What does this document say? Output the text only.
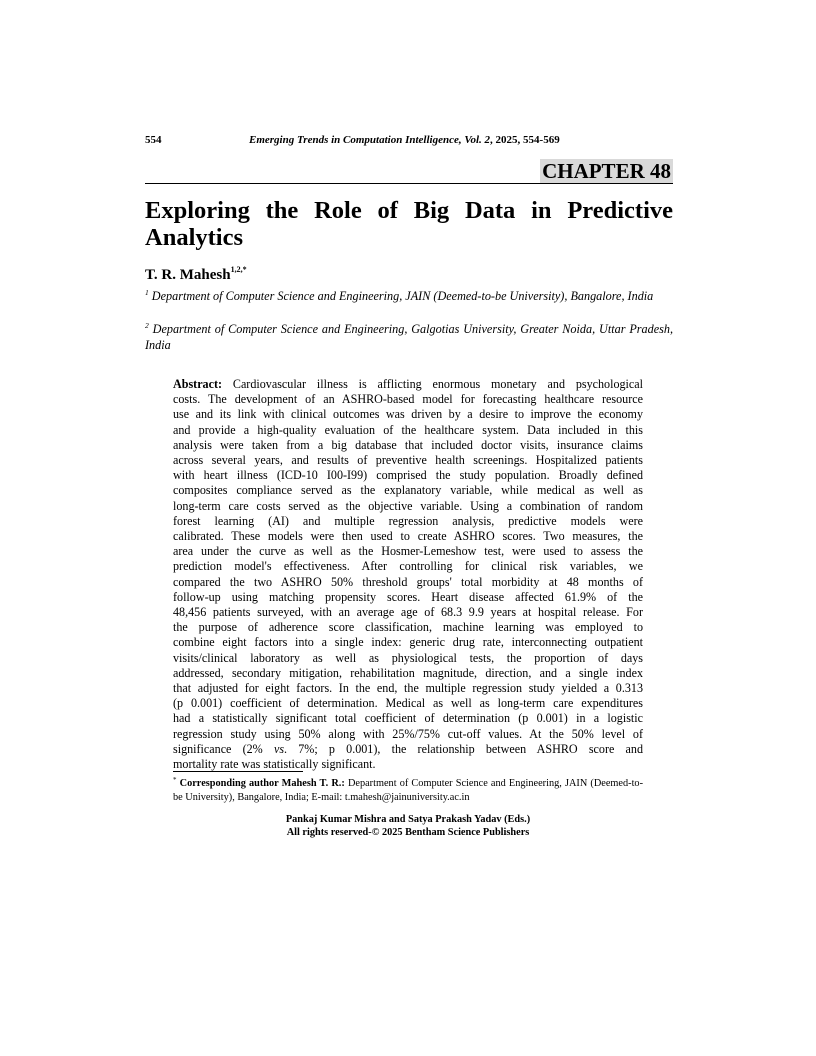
554	Emerging Trends in Computation Intelligence, Vol. 2, 2025, 554-569
CHAPTER 48
Exploring the Role of Big Data in Predictive Analytics
T. R. Mahesh$^{1,2,*}$
$^1$ Department of Computer Science and Engineering, JAIN (Deemed-to-be University), Bangalore, India
$^2$ Department of Computer Science and Engineering, Galgotias University, Greater Noida, Uttar Pradesh, India
Abstract: Cardiovascular illness is afflicting enormous monetary and psychological
costs. The development of an ASHRO-based model for forecasting healthcare resource
use and its link with clinical outcomes was driven by a desire to improve the economy
and provide a high-quality evaluation of the healthcare system. Data included in this
analysis were taken from a big database that included doctor visits, insurance claims
across several years, and results of preventive health screenings. Hospitalized patients
with heart illness (ICD-10 I00-I99) comprised the study population. Broadly defined
composites compliance served as the explanatory variable, while medical as well as
long-term care costs served as the objective variable. Using a combination of random
forest learning (AI) and multiple regression analysis, predictive models were
calibrated. These models were then used to create ASHRO scores. Two measures, the
area under the curve as well as the Hosmer-Lemeshow test, were used to assess the
prediction model's effectiveness. After controlling for clinical risk variables, we
compared the two ASHRO 50% threshold groups' total morbidity at 48 months of
follow-up using matching propensity scores. Heart disease affected 61.9% of the
48,456 patients surveyed, with an average age of 68.3 9.9 years at hospital release. For
the purpose of adherence score classification, machine learning was employed to
combine eight factors into a single index: generic drug rate, interconnecting outpatient
visits/clinical laboratory as well as physiological tests, the proportion of days
addressed, secondary mitigation, rehabilitation magnitude, direction, and a single index
that adjusted for eight factors. In the end, the multiple regression study yielded a 0.313
(p 0.001) coefficient of determination. Medical as well as long-term care expenditures
had a statistically significant total coefficient of determination (p 0.001) in a logistic
regression study using 50% along with 25%/75% cut-off values. At the 50% level of
significance (2% vs. 7%; p 0.001), the relationship between ASHRO score and
mortality rate was statistically significant.
* Corresponding author Mahesh T. R.: Department of Computer Science and Engineering, JAIN (Deemed-to-be University), Bangalore, India; E-mail: t.mahesh@jainuniversity.ac.in
Pankaj Kumar Mishra and Satya Prakash Yadav (Eds.)
All rights reserved-© 2025 Bentham Science Publishers
